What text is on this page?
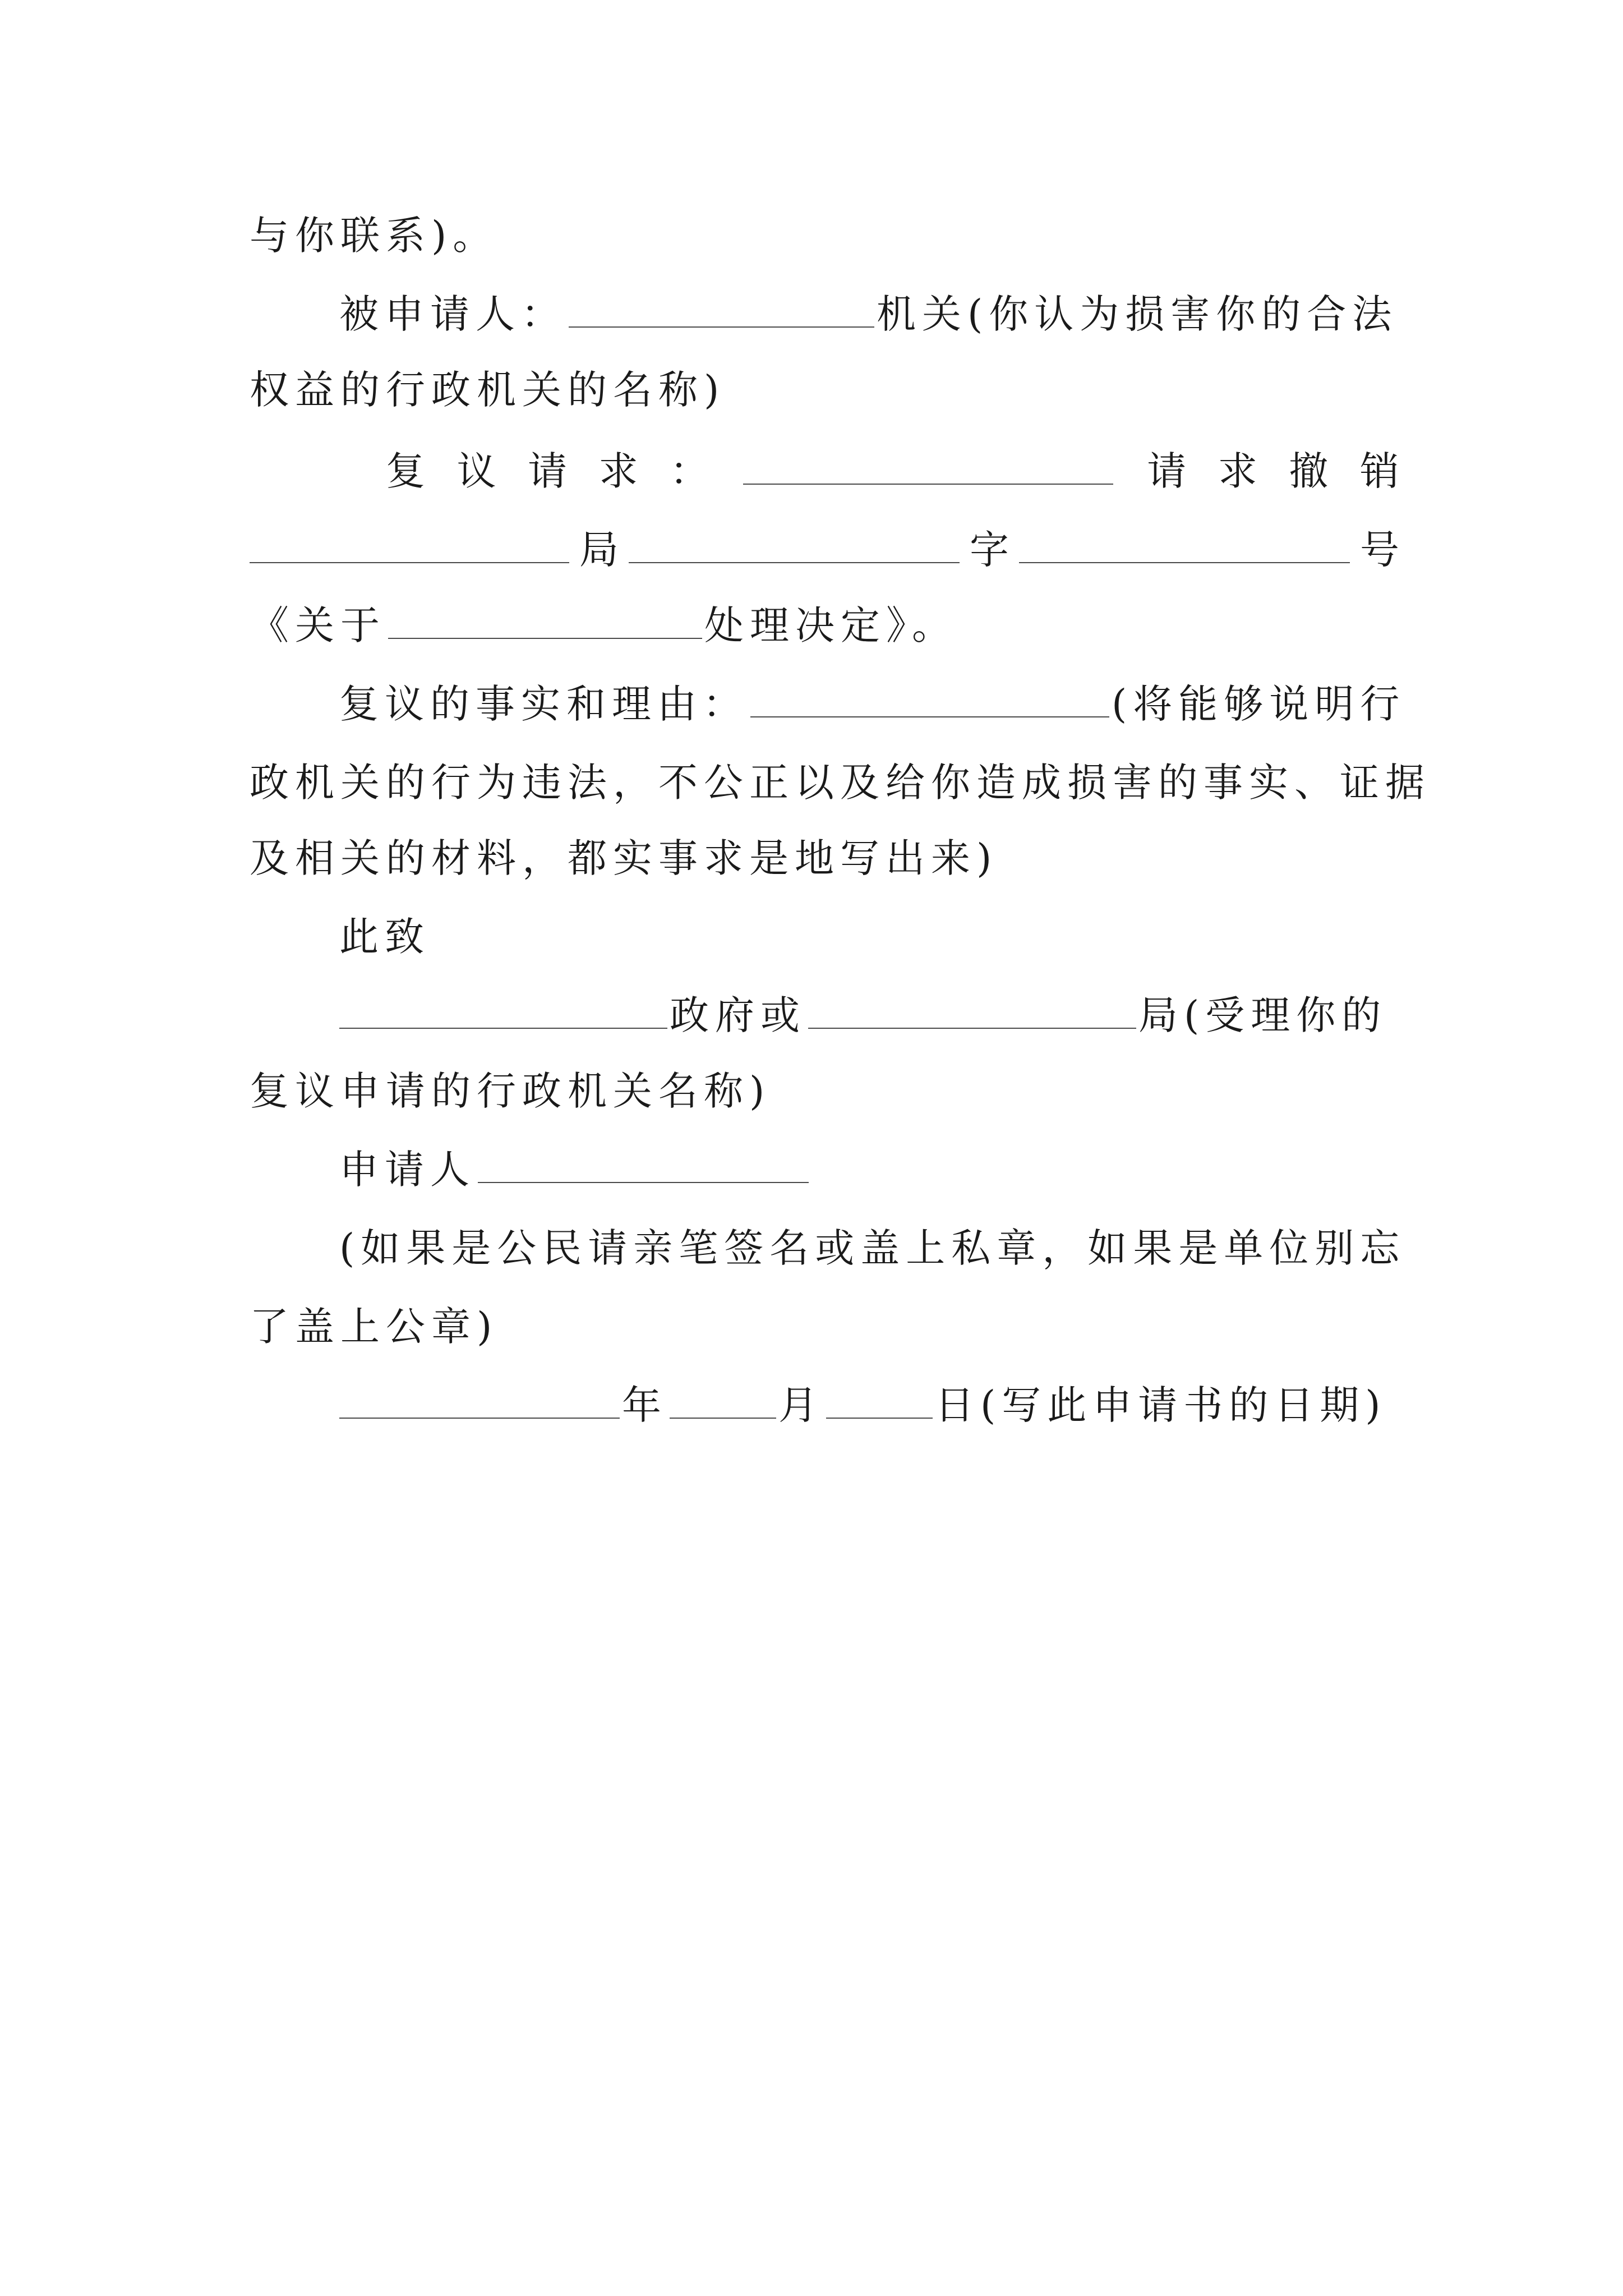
与你联系)。
被申请人：	机关(你认为损害你的合法
权益的行政机关的名称)
复 议 请 求 ：	请 求 撤 销
局	字	号
《关于	处理决定》。
复议的事实和理由：	(将能够说明行
政机关的行为违法，不公正以及给你造成损害的事实、证据
及相关的材料，都实事求是地写出来)
此致
政府或	局(受理你的
复议申请的行政机关名称)
申请人
(如果是公民请亲笔签名或盖上私章，如果是单位别忘
了盖上公章)
年	月	日(写此申请书的日期)
